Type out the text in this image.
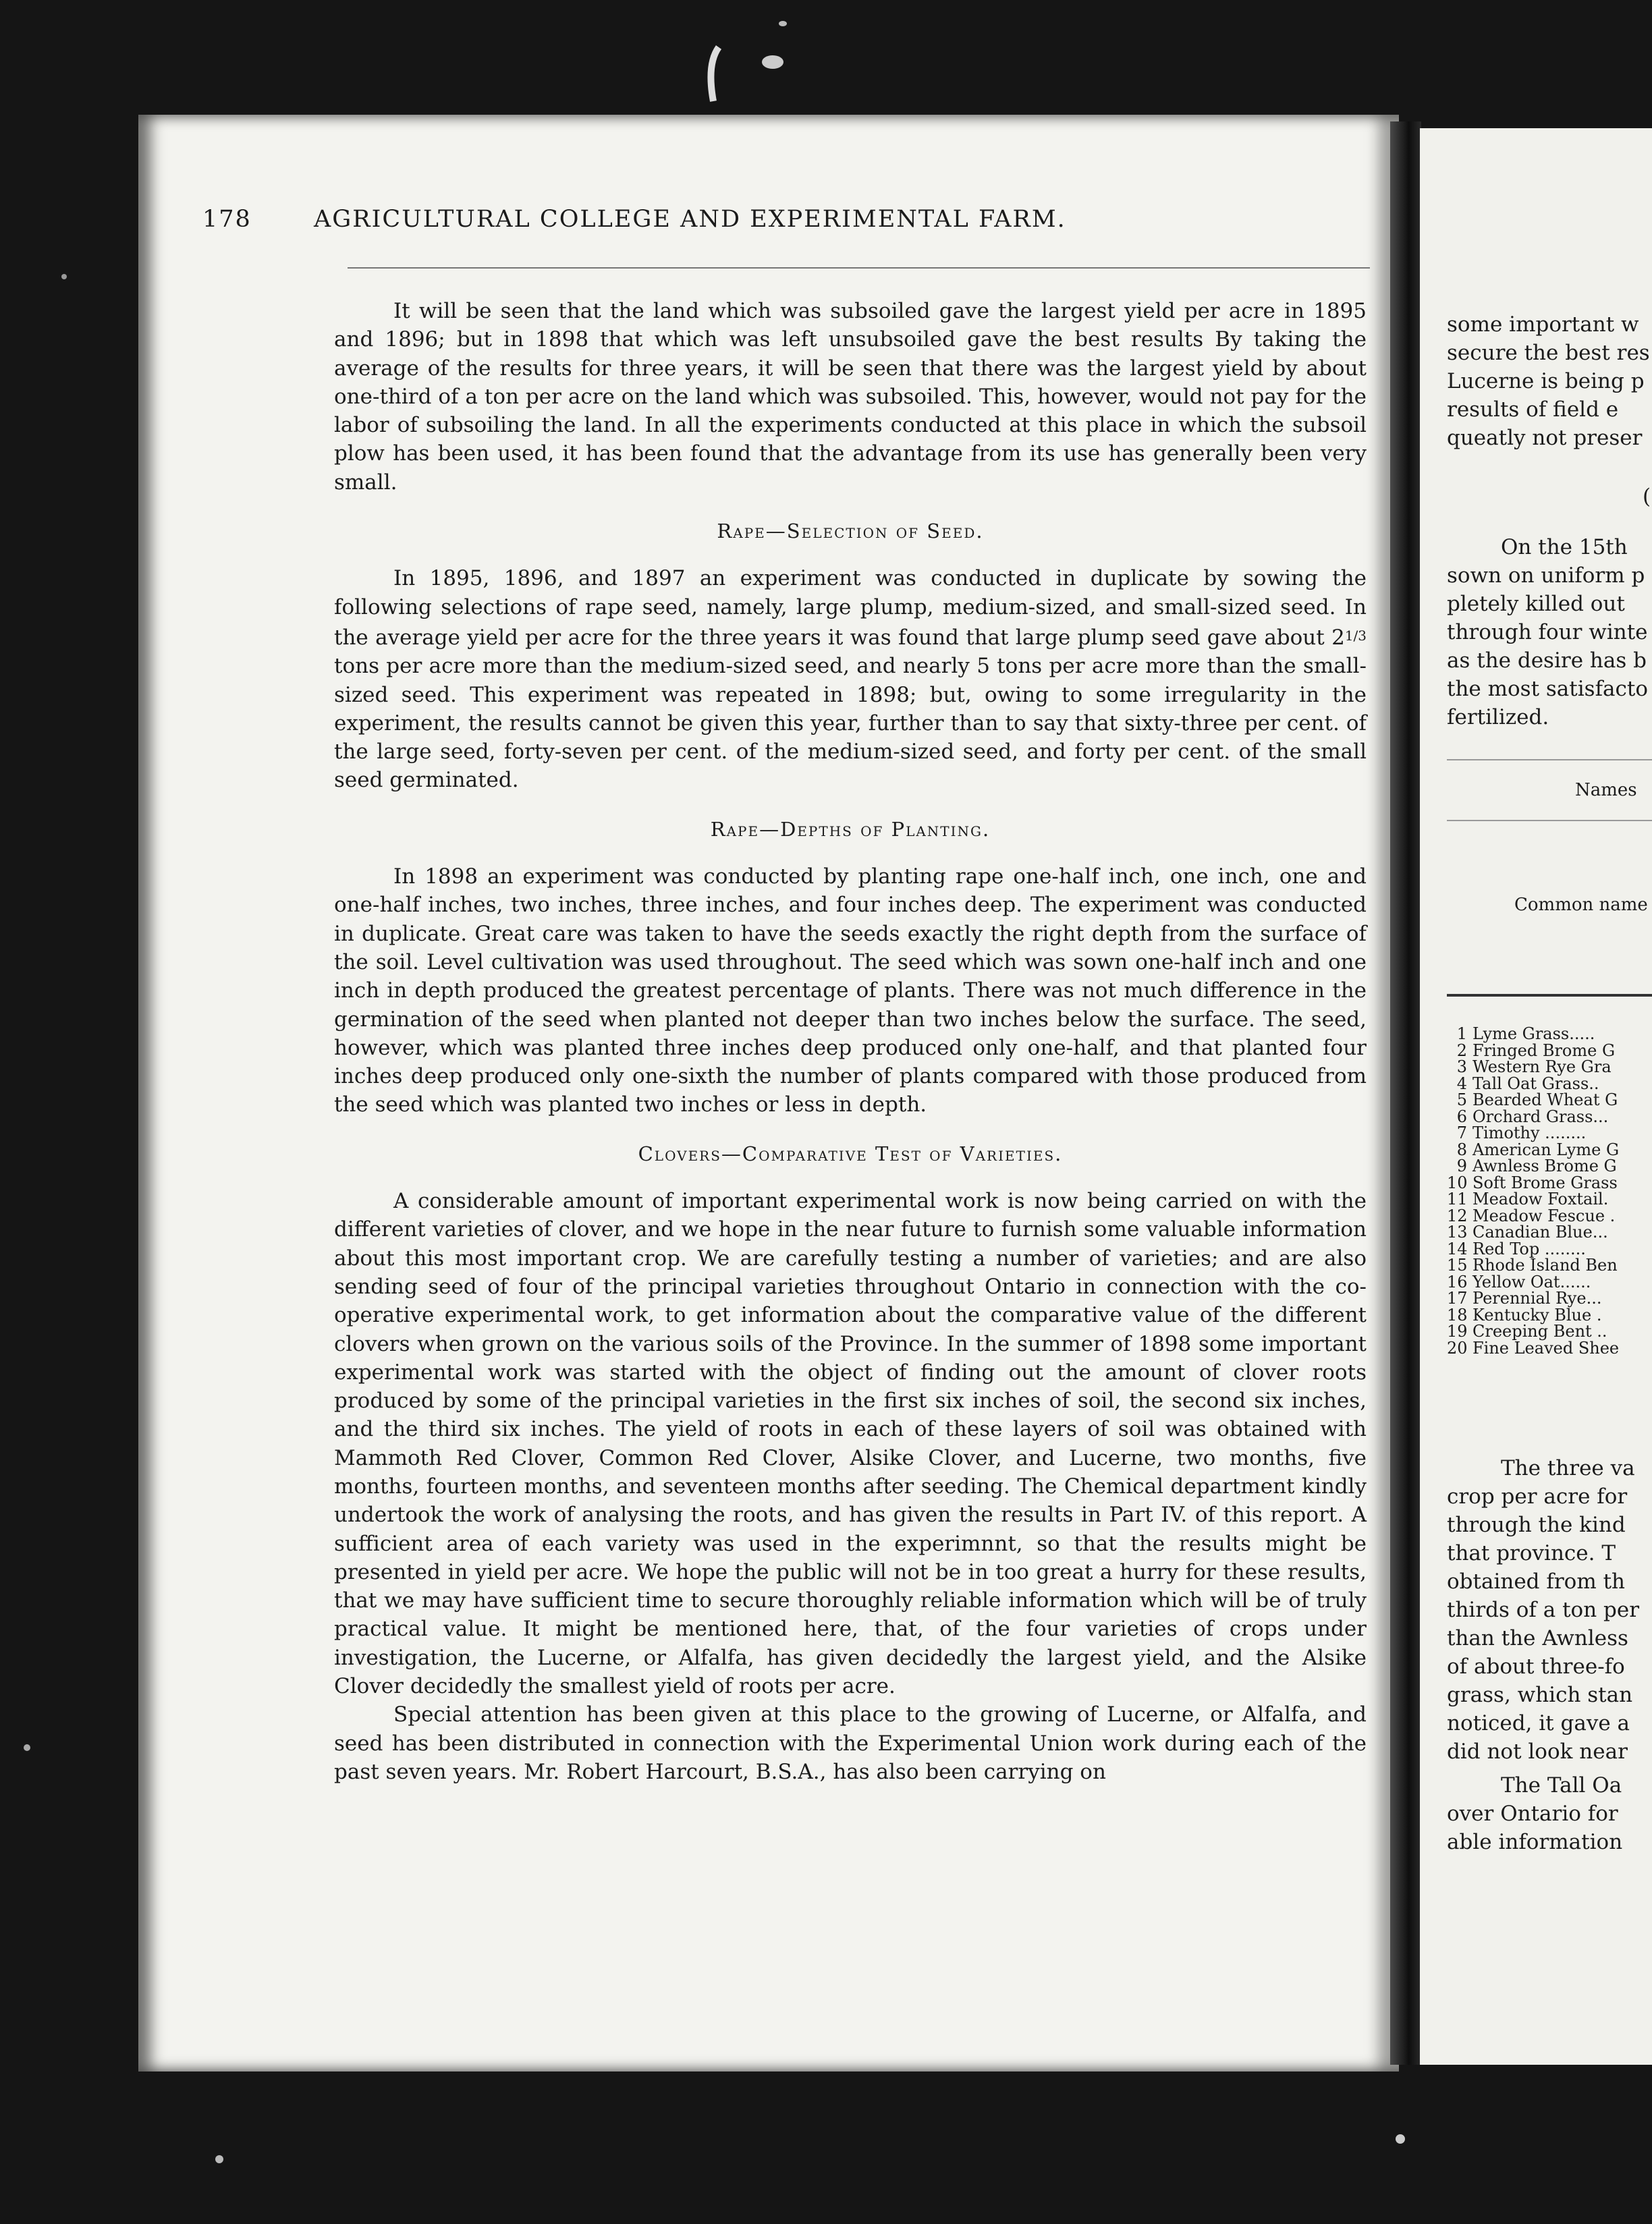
178	AGRICULTURAL COLLEGE AND EXPERIMENTAL FARM.

It will be seen that the land which was subsoiled gave the largest yield per acre in 1895 and 1896; but in 1898 that which was left unsubsoiled gave the best results By taking the average of the results for three years, it will be seen that there was the largest yield by about one-third of a ton per acre on the land which was subsoiled. This, however, would not pay for the labor of subsoiling the land. In all the experiments conducted at this place in which the subsoil plow has been used, it has been found that the advantage from its use has generally been very small.

Rape—Selection of Seed.

In 1895, 1896, and 1897 an experiment was conducted in duplicate by sowing the following selections of rape seed, namely, large plump, medium-sized, and small-sized seed. In the average yield per acre for the three years it was found that large plump seed gave about 21/3 tons per acre more than the medium-sized seed, and nearly 5 tons per acre more than the small-sized seed. This experiment was repeated in 1898; but, owing to some irregularity in the experiment, the results cannot be given this year, further than to say that sixty-three per cent. of the large seed, forty-seven per cent. of the medium-sized seed, and forty per cent. of the small seed germinated.

Rape—Depths of Planting.

In 1898 an experiment was conducted by planting rape one-half inch, one inch, one and one-half inches, two inches, three inches, and four inches deep. The experiment was conducted in duplicate. Great care was taken to have the seeds exactly the right depth from the surface of the soil. Level cultivation was used throughout. The seed which was sown one-half inch and one inch in depth produced the greatest percentage of plants. There was not much difference in the germination of the seed when planted not deeper than two inches below the surface. The seed, however, which was planted three inches deep produced only one-half, and that planted four inches deep produced only one-sixth the number of plants compared with those produced from the seed which was planted two inches or less in depth.

Clovers—Comparative Test of Varieties.

A considerable amount of important experimental work is now being carried on with the different varieties of clover, and we hope in the near future to furnish some valuable information about this most important crop. We are carefully testing a number of varieties; and are also sending seed of four of the principal varieties throughout Ontario in connection with the co-operative experimental work, to get information about the comparative value of the different clovers when grown on the various soils of the Province. In the summer of 1898 some important experimental work was started with the object of finding out the amount of clover roots produced by some of the principal varieties in the first six inches of soil, the second six inches, and the third six inches. The yield of roots in each of these layers of soil was obtained with Mammoth Red Clover, Common Red Clover, Alsike Clover, and Lucerne, two months, five months, fourteen months, and seventeen months after seeding. The Chemical department kindly undertook the work of analysing the roots, and has given the results in Part IV. of this report. A sufficient area of each variety was used in the experimnnt, so that the results might be presented in yield per acre. We hope the public will not be in too great a hurry for these results, that we may have sufficient time to secure thoroughly reliable information which will be of truly practical value. It might be mentioned here, that, of the four varieties of crops under investigation, the Lucerne, or Alfalfa, has given decidedly the largest yield, and the Alsike Clover decidedly the smallest yield of roots per acre.

Special attention has been given at this place to the growing of Lucerne, or Alfalfa, and seed has been distributed in connection with the Experimental Union work during each of the past seven years. Mr. Robert Harcourt, B.S.A., has also been carrying on

some important w
secure the best res
Lucerne is being p
results of field e
queatly not preser
(
On the 15th
sown on uniform p
pletely killed out
through four winte
as the desire has b
the most satisfacto
fertilized.
Names
Common name
1 Lyme Grass.....
2 Fringed Brome G
3 Western Rye Gra
4 Tall Oat Grass..
5 Bearded Wheat G
6 Orchard Grass...
7 Timothy ........
8 American Lyme G
9 Awnless Brome G
10 Soft Brome Grass
11 Meadow Foxtail.
12 Meadow Fescue .
13 Canadian Blue...
14 Red Top ........
15 Rhode Island Ben
16 Yellow Oat......
17 Perennial Rye...
18 Kentucky Blue .
19 Creeping Bent ..
20 Fine Leaved Shee
The three va
crop per acre for
through the kind
that province. T
obtained from th
thirds of a ton per
than the Awnless
of about three-fo
grass, which stan
noticed, it gave a
did not look near
The Tall Oa
over Ontario for
able information
